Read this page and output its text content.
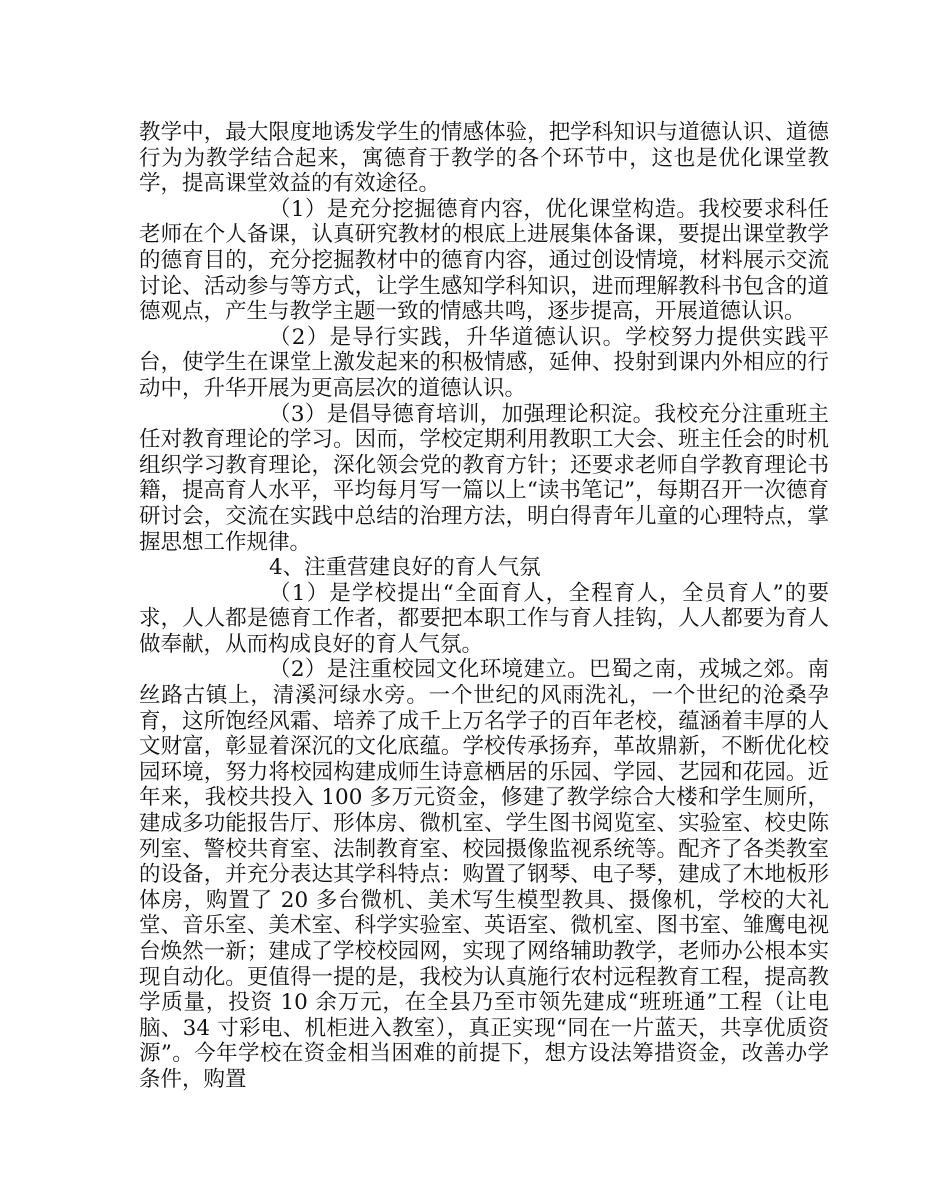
教学中，最大限度地诱发学生的情感体验，把学科知识与道德认识、道德行为为教学结合起来，寓德育于教学的各个环节中，这也是优化课堂教学，提高课堂效益的有效途径。

（1）是充分挖掘德育内容，优化课堂构造。我校要求科任老师在个人备课，认真研究教材的根底上进展集体备课，要提出课堂教学的德育目的，充分挖掘教材中的德育内容，通过创设情境，材料展示交流讨论、活动参与等方式，让学生感知学科知识，进而理解教科书包含的道德观点，产生与教学主题一致的情感共鸣，逐步提高，开展道德认识。

（2）是导行实践，升华道德认识。学校努力提供实践平台，使学生在课堂上激发起来的积极情感，延伸、投射到课内外相应的行动中，升华开展为更高层次的道德认识。

（3）是倡导德育培训，加强理论积淀。我校充分注重班主任对教育理论的学习。因而，学校定期利用教职工大会、班主任会的时机组织学习教育理论，深化领会党的教育方针；还要求老师自学教育理论书籍，提高育人水平，平均每月写一篇以上“读书笔记”，每期召开一次德育研讨会，交流在实践中总结的治理方法，明白得青年儿童的心理特点，掌握思想工作规律。

4、注重营建良好的育人气氛

（1）是学校提出“全面育人，全程育人，全员育人”的要求，人人都是德育工作者，都要把本职工作与育人挂钩，人人都要为育人做奉献，从而构成良好的育人气氛。

（2）是注重校园文化环境建立。巴蜀之南，戎城之郊。南丝路古镇上，清溪河绿水旁。一个世纪的风雨洗礼，一个世纪的沧桑孕育，这所饱经风霜、培养了成千上万名学子的百年老校，蕴涵着丰厚的人文财富，彰显着深沉的文化底蕴。学校传承扬弃，革故鼎新，不断优化校园环境，努力将校园构建成师生诗意栖居的乐园、学园、艺园和花园。近年来，我校共投入 100 多万元资金，修建了教学综合大楼和学生厕所，建成多功能报告厅、形体房、微机室、学生图书阅览室、实验室、校史陈列室、警校共育室、法制教育室、校园摄像监视系统等。配齐了各类教室的设备，并充分表达其学科特点：购置了钢琴、电子琴，建成了木地板形体房，购置了 20 多台微机、美术写生模型教具、摄像机，学校的大礼堂、音乐室、美术室、科学实验室、英语室、微机室、图书室、雏鹰电视台焕然一新；建成了学校校园网，实现了网络辅助教学，老师办公根本实现自动化。更值得一提的是，我校为认真施行农村远程教育工程，提高教学质量，投资 10 余万元，在全县乃至市领先建成“班班通”工程（让电脑、34 寸彩电、机柜进入教室），真正实现“同在一片蓝天，共享优质资源”。今年学校在资金相当困难的前提下，想方设法筹措资金，改善办学条件，购置
